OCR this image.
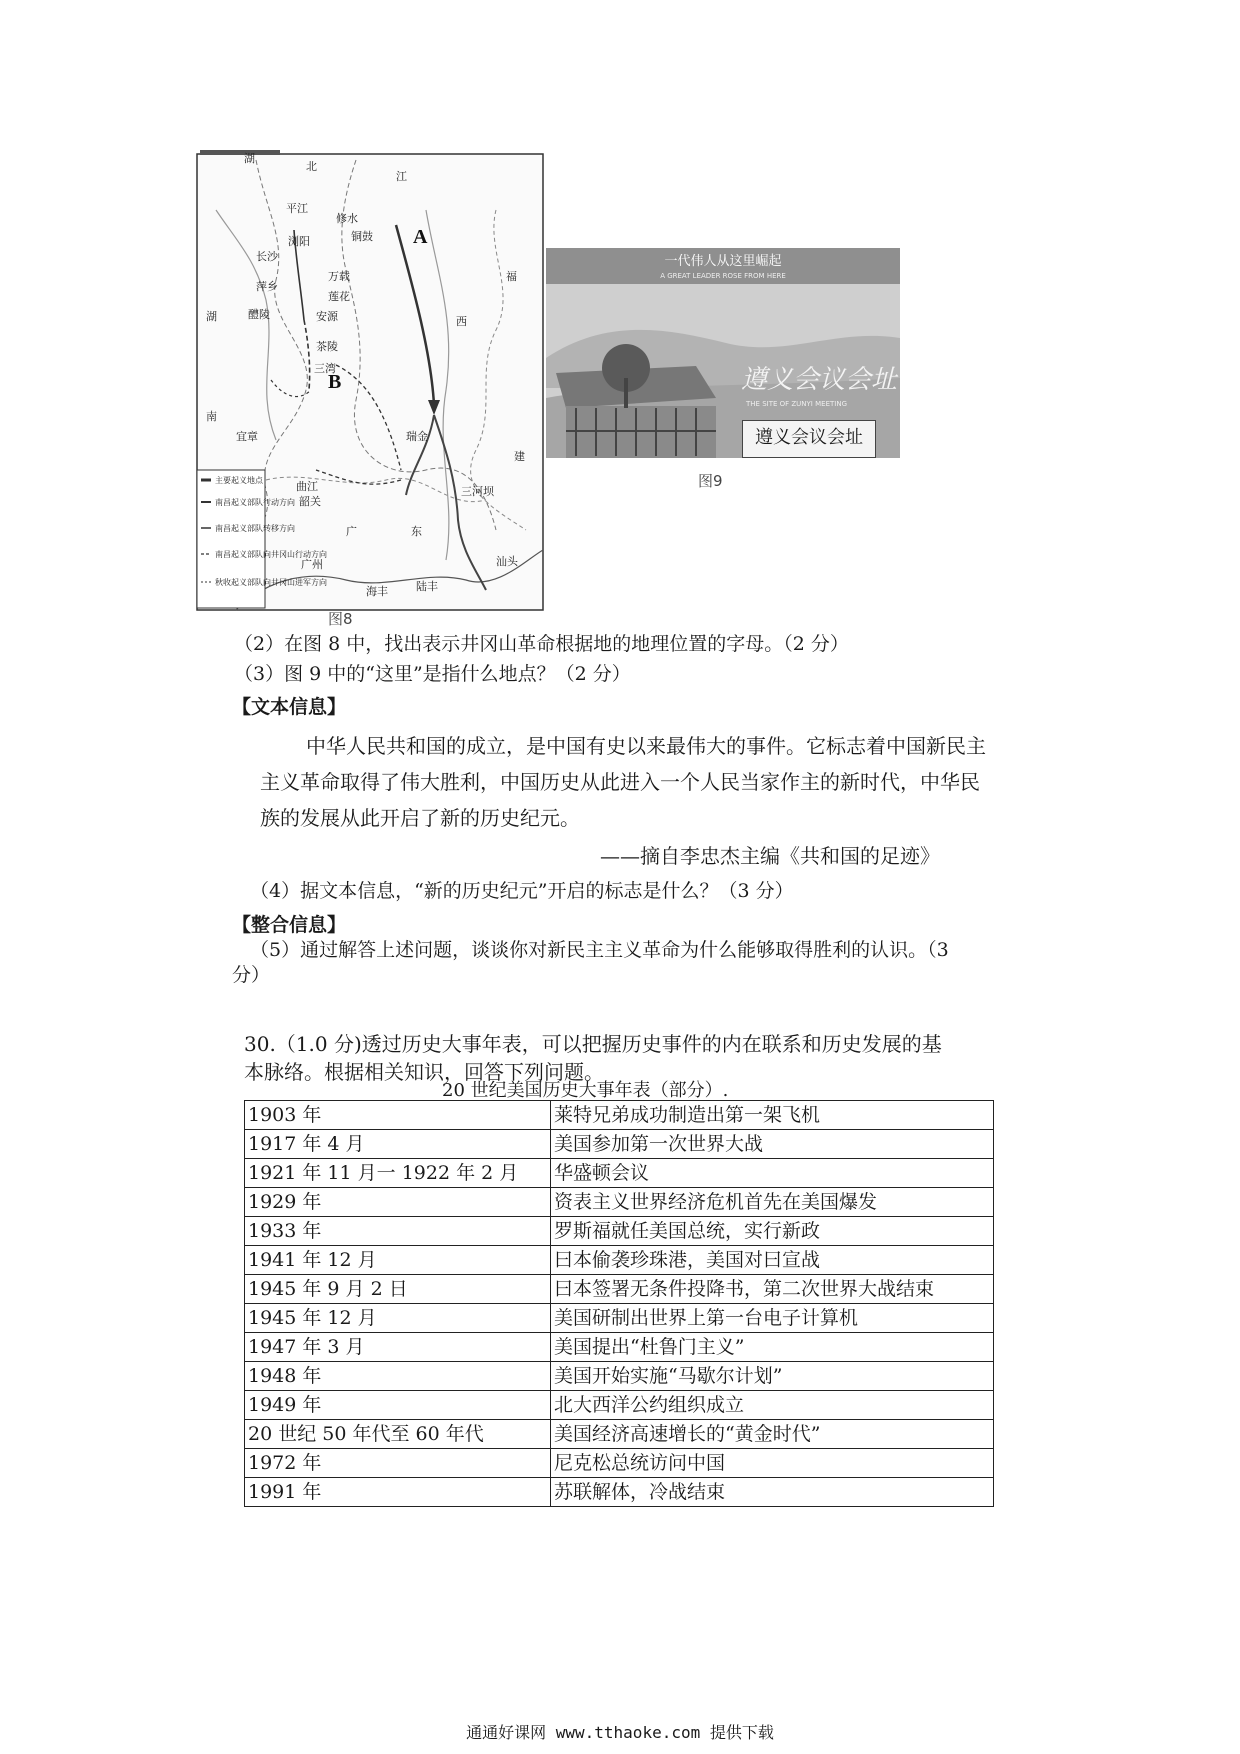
湖
北
江
修水
平江
浏阳	铜鼓
长沙
萍乡
万载
醴陵
莲花
安源
湖	西
茶陵
三湾
南
福
瑞金
宜章
建
韶关
曲江
广	东
三河坝
广州
海丰	陆丰
汕头
A
B
主要起义地点
南昌起义部队行动方向
南昌起义部队转移方向
南昌起义部队向井冈山行动方向
秋收起义部队向井冈山进军方向
图8
一代伟人从这里崛起
A GREAT LEADER ROSE FROM HERE
遵义会议会址
THE SITE OF ZUNYI MEETING
遵义会议会址
图9
（2）在图 8 中，找出表示井冈山革命根据地的地理位置的字母。（2 分）
（3）图 9 中的“这里”是指什么地点？（2 分）
【文本信息】
中华人民共和国的成立，是中国有史以来最伟大的事件。它标志着中国新民主
主义革命取得了伟大胜利，中国历史从此进入一个人民当家作主的新时代，中华民
族的发展从此开启了新的历史纪元。
——摘自李忠杰主编《共和国的足迹》
（4）据文本信息，“新的历史纪元”开启的标志是什么？（3 分）
【整合信息】
（5）通过解答上述问题，谈谈你对新民主主义革命为什么能够取得胜利的认识。（3
分）
30.（1.0 分)透过历史大事年表，可以把握历史事件的内在联系和历史发展的基
本脉络。根据相关知识，回答下列问题。
20 世纪美国历史大事年表（部分）.
1903 年	莱特兄弟成功制造出第一架飞机
1917 年 4 月	美国参加第一次世界大战
1921 年 11 月一 1922 年 2 月	华盛顿会议
1929 年	资表主义世界经济危机首先在美国爆发
1933 年	罗斯福就任美国总统，实行新政
1941 年 12 月	曰本偷袭珍珠港，美国对曰宣战
1945 年 9 月 2 日	曰本签署无条件投降书，第二次世界大战结束
1945 年 12 月	美国研制出世界上第一台电子计算机
1947 年 3 月	美国提出“杜鲁门主义”
1948 年	美国开始实施“马歇尔计划”
1949 年	北大西洋公约组织成立
20 世纪 50 年代至 60 年代	美国经济高速增长的“黄金时代”
1972 年	尼克松总统访问中国
1991 年	苏联解体，冷战结束
通通好课网 www.tthaoke.com 提供下载
